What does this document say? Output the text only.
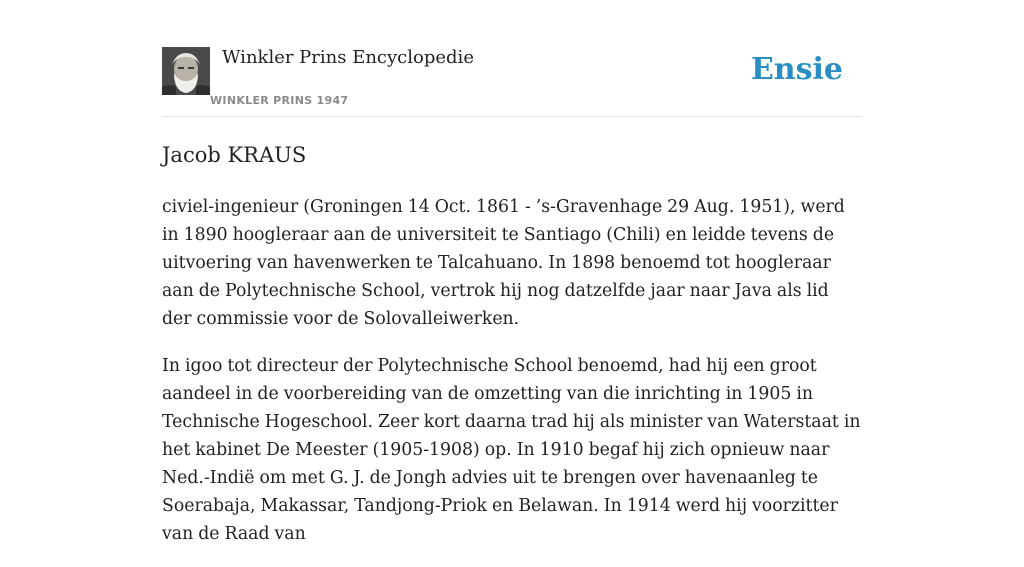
Winkler Prins Encyclopedie
WINKLER PRINS 1947
Ensie
Jacob KRAUS

civiel-ingenieur (Groningen 14 Oct. 1861 - ’s-Gravenhage 29 Aug. 1951), werd in 1890 hoogleraar aan de universiteit te Santiago (Chili) en leidde tevens de uitvoering van havenwerken te Talcahuano. In 1898 benoemd tot hoogleraar aan de Polytechnische School, vertrok hij nog datzelfde jaar naar Java als lid der commissie voor de Solovalleiwerken.

In igoo tot directeur der Polytechnische School benoemd, had hij een groot aandeel in de voorbereiding van de omzetting van die inrichting in 1905 in Technische Hogeschool. Zeer kort daarna trad hij als minister van Waterstaat in het kabinet De Meester (1905-1908) op. In 1910 begaf hij zich opnieuw naar Ned.-Indië om met G. J. de Jongh advies uit te brengen over havenaanleg te Soerabaja, Makassar, Tandjong-Priok en Belawan. In 1914 werd hij voorzitter van de Raad van
